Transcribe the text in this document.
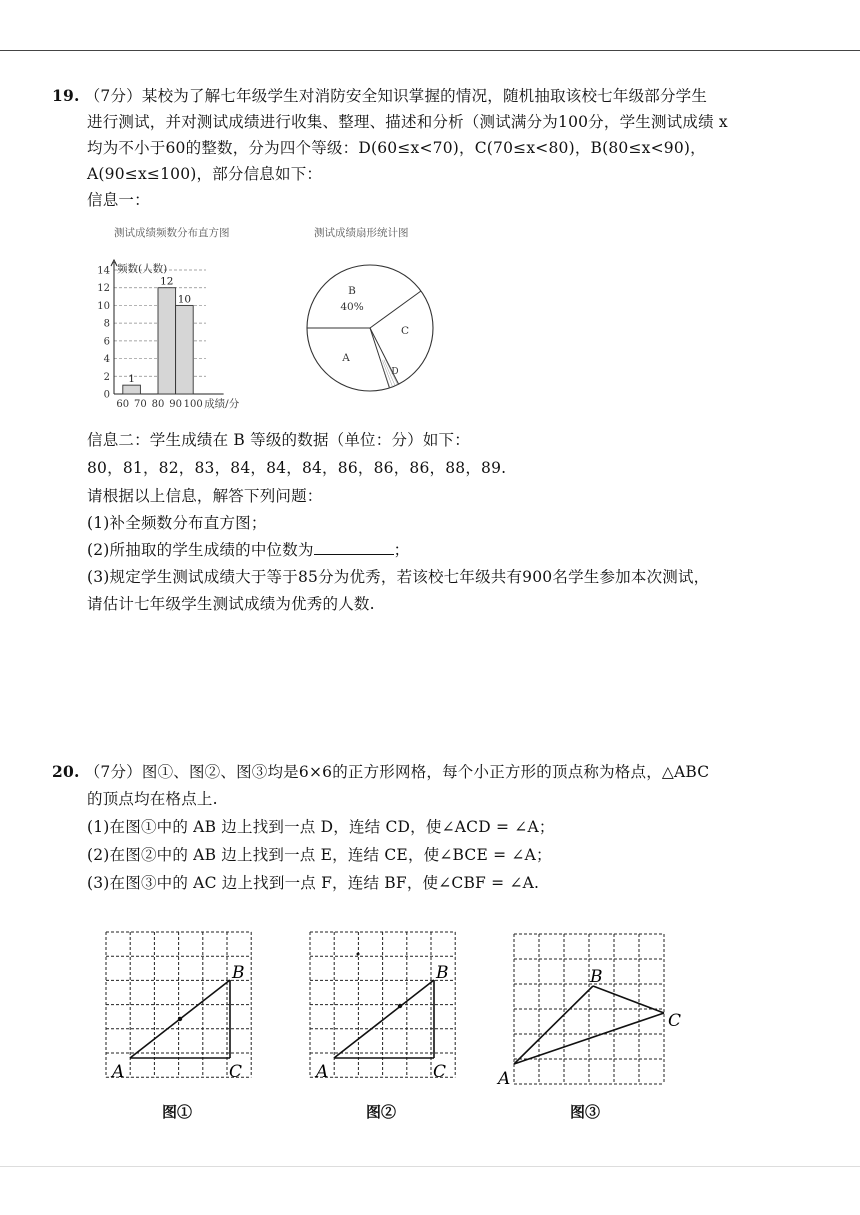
19. （7分）某校为了解七年级学生对消防安全知识掌握的情况，随机抽取该校七年级部分学生
进行测试，并对测试成绩进行收集、整理、描述和分析（测试满分为100分，学生测试成绩 x
均为不小于60的整数，分为四个等级：D(60≤x<70)，C(70≤x<80)，B(80≤x<90)，
A(90≤x≤100)，部分信息如下：
信息一：
测试成绩频数分布直方图
0
2
4
6
8
10
12
14 频数(人数)
1
12
10
60 70 80 90 100 成绩/分
测试成绩扇形统计图
B
40%
C
A
D
信息二：学生成绩在 B 等级的数据（单位：分）如下：
80，81，82，83，84，84，84，86，86，86，88，89.
请根据以上信息，解答下列问题：
(1)补全频数分布直方图；
(2)所抽取的学生成绩的中位数为	；
(3)规定学生测试成绩大于等于85分为优秀，若该校七年级共有900名学生参加本次测试，
请估计七年级学生测试成绩为优秀的人数.
20. （7分）图①、图②、图③均是6×6的正方形网格，每个小正方形的顶点称为格点，△ABC
的顶点均在格点上.
(1)在图①中的 AB 边上找到一点 D，连结 CD，使∠ACD = ∠A；
(2)在图②中的 AB 边上找到一点 E，连结 CE，使∠BCE = ∠A；
(3)在图③中的 AC 边上找到一点 F，连结 BF，使∠CBF = ∠A.
A
B
C
图①
A
B
C
图②
A
B
C
图③
